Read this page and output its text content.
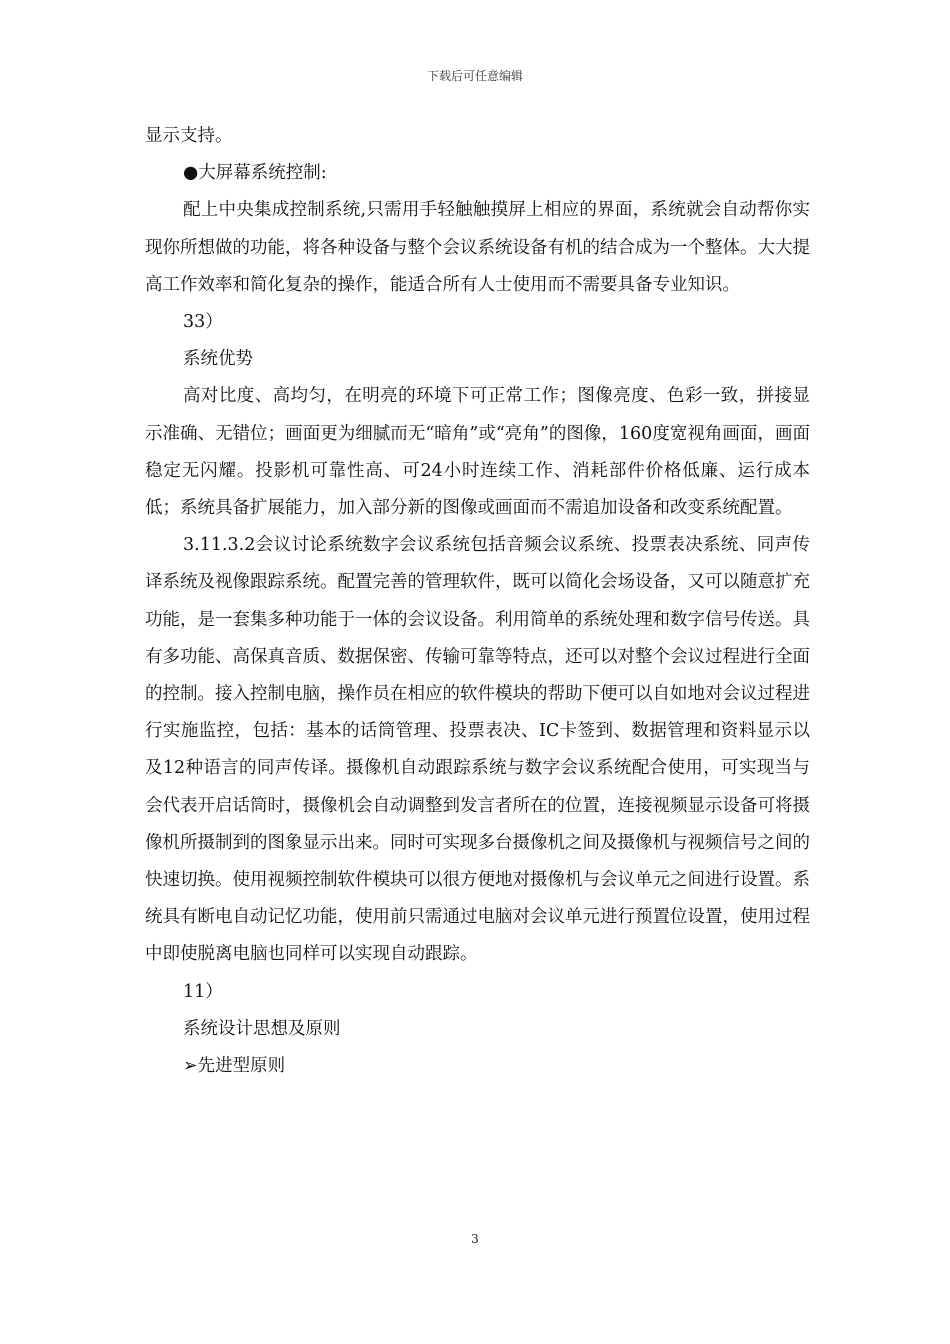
下载后可任意编辑

显示支持。

●大屏幕系统控制:

配上中央集成控制系统,只需用手轻触触摸屏上相应的界面，系统就会自动帮你实现你所想做的功能，将各种设备与整个会议系统设备有机的结合成为一个整体。大大提高工作效率和简化复杂的操作，能适合所有人士使用而不需要具备专业知识。

33）

系统优势

高对比度、高均匀，在明亮的环境下可正常工作；图像亮度、色彩一致，拼接显示准确、无错位；画面更为细腻而无“暗角”或“亮角”的图像，160度宽视角画面，画面稳定无闪耀。投影机可靠性高、可24小时连续工作、消耗部件价格低廉、运行成本低；系统具备扩展能力，加入部分新的图像或画面而不需追加设备和改变系统配置。

3.11.3.2会议讨论系统数字会议系统包括音频会议系统、投票表决系统、同声传译系统及视像跟踪系统。配置完善的管理软件，既可以简化会场设备，又可以随意扩充功能，是一套集多种功能于一体的会议设备。利用简单的系统处理和数字信号传送。具有多功能、高保真音质、数据保密、传输可靠等特点，还可以对整个会议过程进行全面的控制。接入控制电脑，操作员在相应的软件模块的帮助下便可以自如地对会议过程进行实施监控，包括：基本的话筒管理、投票表决、IC卡签到、数据管理和资料显示以及12种语言的同声传译。摄像机自动跟踪系统与数字会议系统配合使用，可实现当与会代表开启话筒时，摄像机会自动调整到发言者所在的位置，连接视频显示设备可将摄像机所摄制到的图象显示出来。同时可实现多台摄像机之间及摄像机与视频信号之间的快速切换。使用视频控制软件模块可以很方便地对摄像机与会议单元之间进行设置。系统具有断电自动记忆功能，使用前只需通过电脑对会议单元进行预置位设置，使用过程中即使脱离电脑也同样可以实现自动跟踪。

11）

系统设计思想及原则

➢先进型原则

3
